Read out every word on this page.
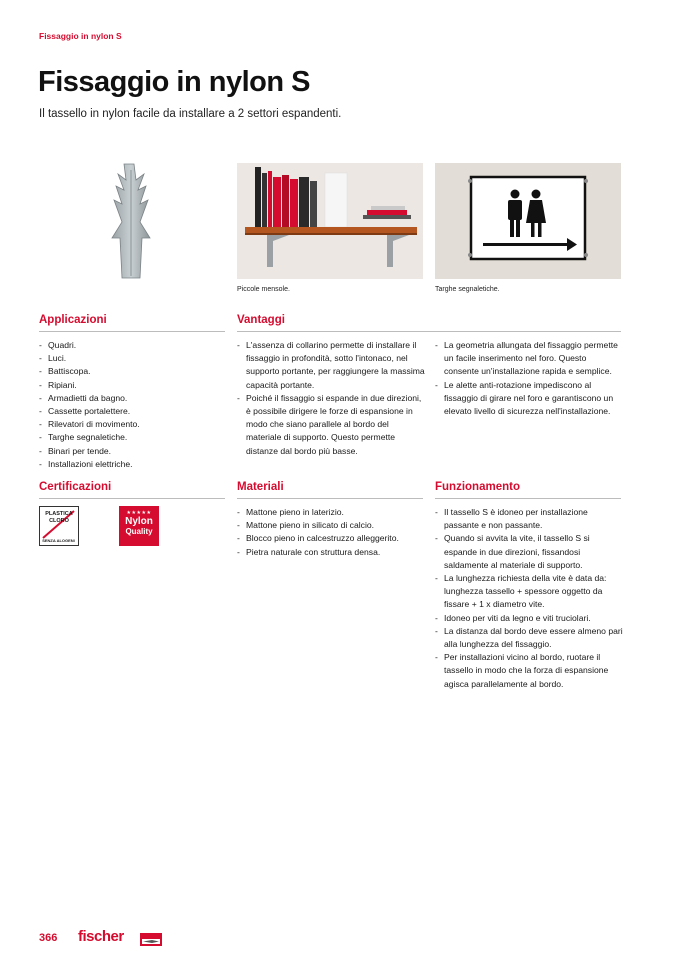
Fissaggio in nylon S
Fissaggio in nylon S

Il tassello in nylon facile da installare a 2 settori espandenti.

Piccole mensole.	Targhe segnaletiche.
Applicazioni
- Quadri.
- Luci.
- Battiscopa.
- Ripiani.
- Armadietti da bagno.
- Cassette portalettere.
- Rilevatori di movimento.
- Targhe segnaletiche.
- Binari per tende.
- Installazioni elettriche.
Vantaggi
- L'assenza di collarino permette di installare il fissaggio in profondità, sotto l'intonaco, nel supporto portante, per raggiungere la massima capacità portante.
- Poiché il fissaggio si espande in due direzioni, è possibile dirigere le forze di espansione in modo che siano parallele al bordo del materiale di supporto. Questo permette distanze dal bordo più basse.
- La geometria allungata del fissaggio permette un facile inserimento nel foro. Questo consente un'installazione rapida e semplice.
- Le alette anti-rotazione impediscono al fissaggio di girare nel foro e garantiscono un elevato livello di sicurezza nell'installazione.
Certificazioni
PLASTICA
CLORO
SENZA ALOGENI
★★★★★
Nylon
Quality
Materiali
- Mattone pieno in laterizio.
- Mattone pieno in silicato di calcio.
- Blocco pieno in calcestruzzo alleggerito.
- Pietra naturale con struttura densa.
Funzionamento
- Il tassello S è idoneo per installazione passante e non passante.
- Quando si avvita la vite, il tassello S si espande in due direzioni, fissandosi saldamente al materiale di supporto.
- La lunghezza richiesta della vite è data da: lunghezza tassello + spessore oggetto da fissare + 1 x diametro vite.
- Idoneo per viti da legno e viti truciolari.
- La distanza dal bordo deve essere almeno pari alla lunghezza del fissaggio.
- Per installazioni vicino al bordo, ruotare il tassello in modo che la forza di espansione agisca parallelamente al bordo.
366 fischer
